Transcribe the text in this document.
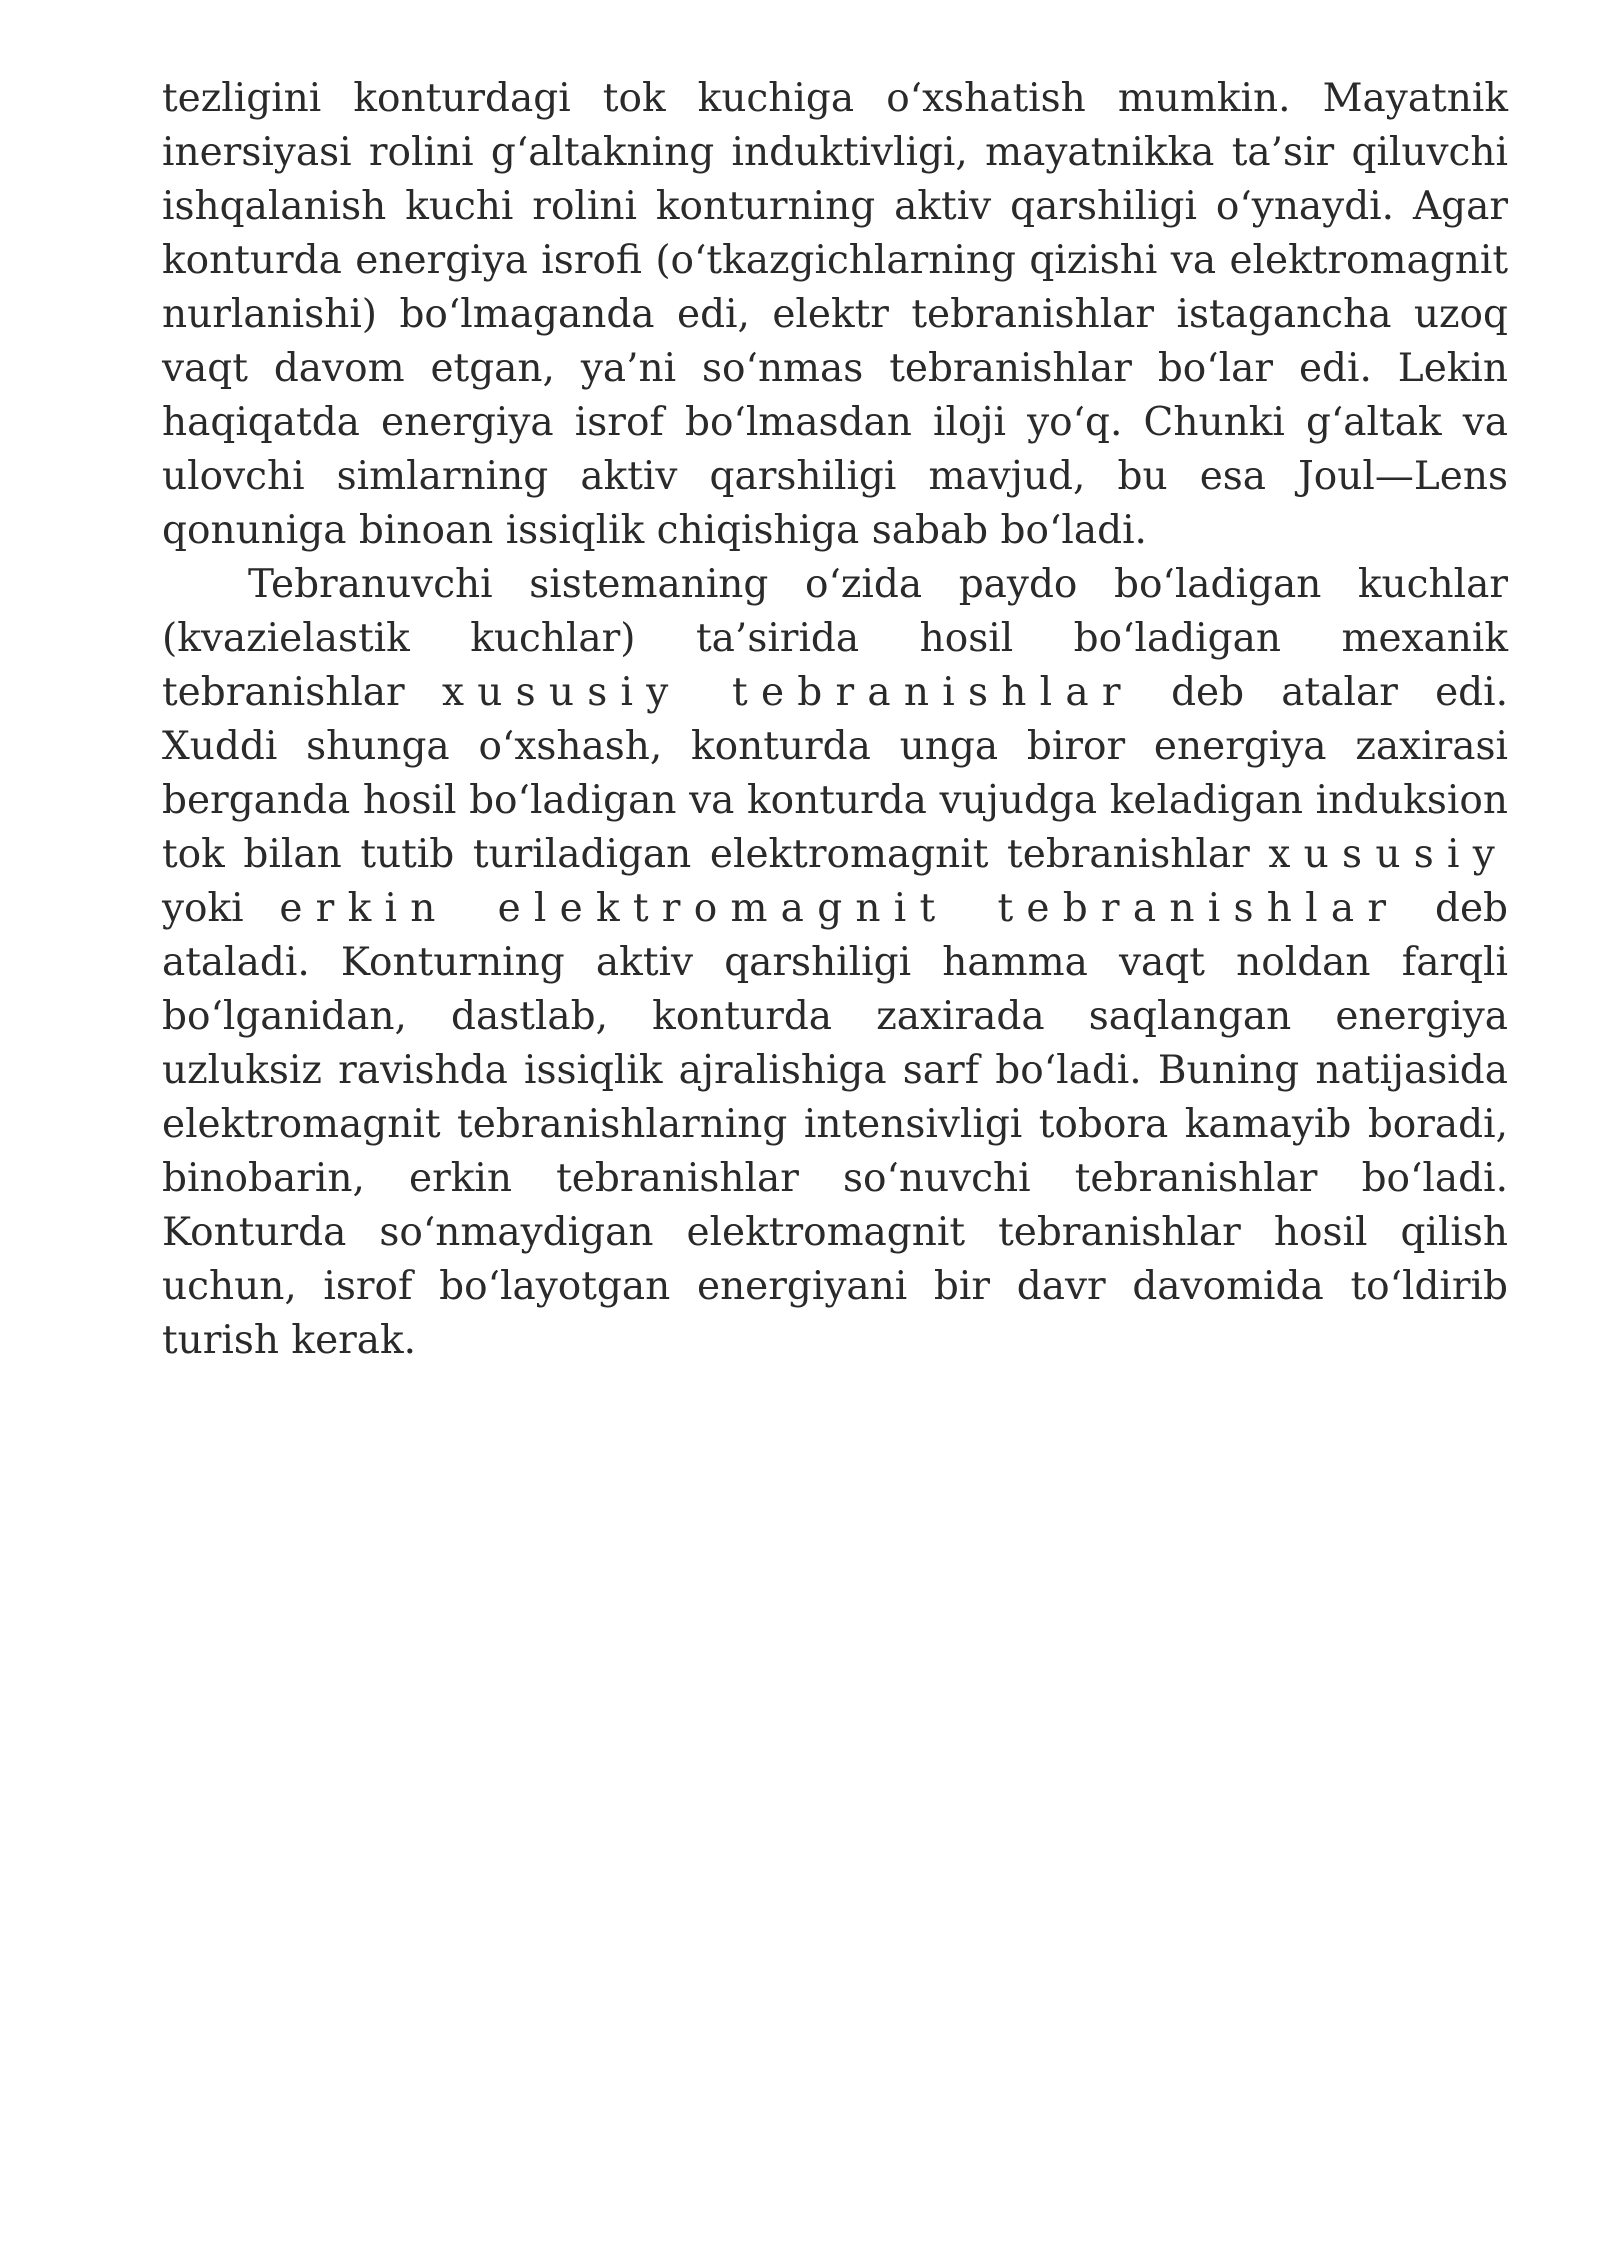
tezligini konturdagi tok kuchiga o‘xshatish mumkin. Mayatnik inersiyasi rolini g‘altakning induktivligi, mayatnikka ta’sir qiluvchi ishqalanish kuchi rolini konturning aktiv qarshiligi o‘ynaydi. Agar konturda energiya isrofi (o‘tkazgichlarning qizishi va elektromagnit nurlanishi) bo‘lmaganda edi, elektr tebranishlar istagancha uzoq vaqt davom etgan, ya’ni so‘nmas tebranishlar bo‘lar edi. Lekin haqiqatda energiya isrof bo‘lmasdan iloji yo‘q. Chunki g‘altak va ulovchi simlarning aktiv qarshiligi mavjud, bu esa Joul—Lens qonuniga binoan issiqlik chiqishiga sabab bo‘ladi.

Tebranuvchi sistemaning o‘zida paydo bo‘ladigan kuchlar (kvazielastik kuchlar) ta’sirida hosil bo‘ladigan mexanik tebranishlar xususiy tebranishlar deb atalar edi. Xuddi shunga o‘xshash, konturda unga biror energiya zaxirasi berganda hosil bo‘ladigan va konturda vujudga keladigan induksion tok bilan tutib turiladigan elektromagnit tebranishlar xususiy yoki erkin elektromagnit tebranishlar deb ataladi. Konturning aktiv qarshiligi hamma vaqt noldan farqli bo‘lganidan, dastlab, konturda zaxirada saqlangan energiya uzluksiz ravishda issiqlik ajralishiga sarf bo‘ladi. Buning natijasida elektromagnit tebranishlarning intensivligi tobora kamayib boradi, binobarin, erkin tebranishlar so‘nuvchi tebranishlar bo‘ladi. Konturda so‘nmaydigan elektromagnit tebranishlar hosil qilish uchun, isrof bo‘layotgan energiyani bir davr davomida to‘ldirib turish kerak.
